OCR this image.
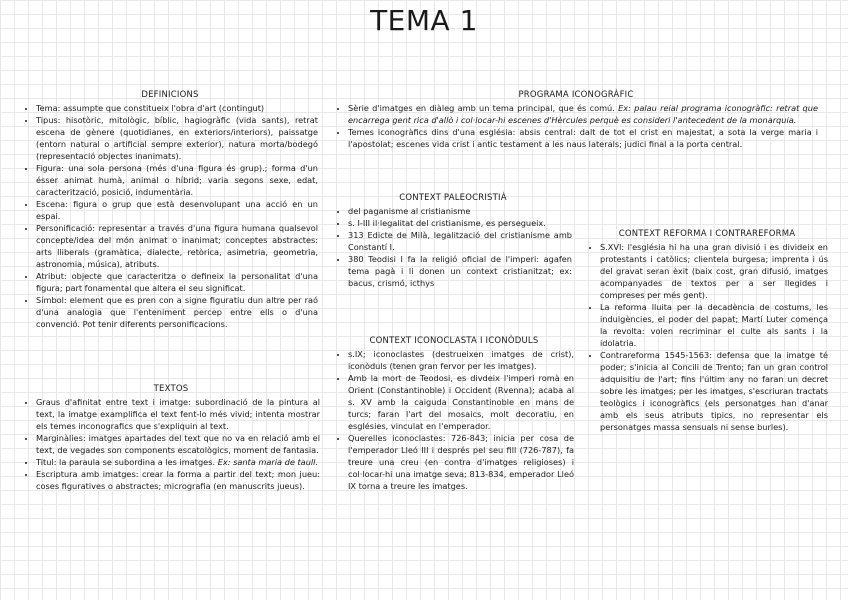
TEMA 1
DEFINICIONS
• Tema: assumpte que constitueix l'obra d'art (contingut)
• Tipus: hisotòric, mitològic, bíblic, hagiogràfic (vida sants), retrat escena de gènere (quotidianes, en exteriors/interiors), paissatge (entorn natural o artificial sempre exterior), natura morta/bodegó (representació objectes inanimats).
• Figura: una sola persona (més d'una figura és grup).; forma d'un ésser animat humà, animal o híbrid; varia segons sexe, edat, caracterització, posició, indumentària.
• Escena: figura o grup que està desenvolupant una acció en un espai.
• Personificació: representar a través d'una figura humana qualsevol concepte/idea del món animat o inanimat; conceptes abstractes: arts lliberals (gramàtica, dialecte, retòrica, asimetria, geometria, astronomia, música), atributs.
• Atribut: objecte que caracteritza o defineix la personalitat d'una figura; part fonamental que altera el seu significat.
• Símbol: element que es pren con a signe figuratiu dun altre per raó d'una analogia que l'enteniment percep entre ells o d'una convenció. Pot tenir diferents personificacions.
TEXTOS
• Graus d'afinitat entre text i imatge: subordinació de la pintura al text, la imatge examplifica el text fent-lo més vivid; intenta mostrar els temes inconografics que s'expliquin al text.
• Marginàlies: imatges apartades del text que no va en relació amb el text, de vegades son components escatològics, moment de fantasia.
• Titul: la paraula se subordina a les imatges. Ex: santa maria de taull.
• Escriptura amb imatges: crear la forma a partir del text; mon jueu: coses figuratives o abstractes; micrografia (en manuscrits jueus).
PROGRAMA ICONOGRÀFIC
• Sèrie d'imatges en diàleg amb un tema principal, que és comú. Ex: palau reial programa iconogràfic: retrat que encarrega gent rica d'allò i col·locar-hi escenes d'Hèrcules perquè es consideri l'antecedent de la monarquia.
• Temes iconogràfics dins d'una església: absis central: dalt de tot el crist en majestat, a sota la verge maria i l'apostolat; escenes vida crist i antic testament a les naus laterals; judici final a la porta central.
CONTEXT PALEOCRISTIÀ
• del paganisme al cristianisme
• s. I-III il·legalitat del cristianisme, es persegueix.
• 313 Edicte de Milà, legalització del cristianisme amb Constantí I.
• 380 Teodisi I fa la religió oficial de l'imperi: agafen tema pagà i li donen un context cristianitzat; ex: bacus, crismó, icthys
CONTEXT ICONOCLASTA I ICONÒDULS
• s.IX; iconoclastes (destrueixen imatges de crist), iconòduls (tenen gran fervor per les imatges).
• Amb la mort de Teodosi, es divdeix l'imperi romà en Orient (Constantinoble) i Occident (Rvenna); acaba al s. XV amb la caiguda Constantinoble en mans de turcs; faran l'art del mosaics, molt decoratiu, en esglésies, vinculat en l'emperador.
• Querelles iconoclastes: 726-843; inicia per cosa de l'emperador Lleó III i després pel seu fill (726-787), fa treure una creu (en contra d'imatges religioses) i col·locar-hi una imatge seva; 813-834, emperador Lleó IX torna a treure les imatges.
CONTEXT REFORMA I CONTRAREFORMA
• S.XVI: l'església hi ha una gran divisió i es divideix en protestants i catòlics; clientela burgesa; imprenta i ús del gravat seran èxit (baix cost, gran difusió, imatges acompanyades de textos per a ser llegides i compreses per més gent).
• La reforma lluita per la decadència de costums, les indulgències, el poder del papat; Martí Luter comença la revolta: volen recriminar el culte als sants i la idolatria.
• Contrareforma 1545-1563: defensa que la imatge té poder; s'inicia al Concili de Trento; fan un gran control adquisitiu de l'art; fins l'últim any no faran un decret sobre les imatges; per les imatges, s'escriuran tractats teològics i iconogràfics (els personatges han d'anar amb els seus atributs tipics, no representar els personatges massa sensuals ni sense burles).
